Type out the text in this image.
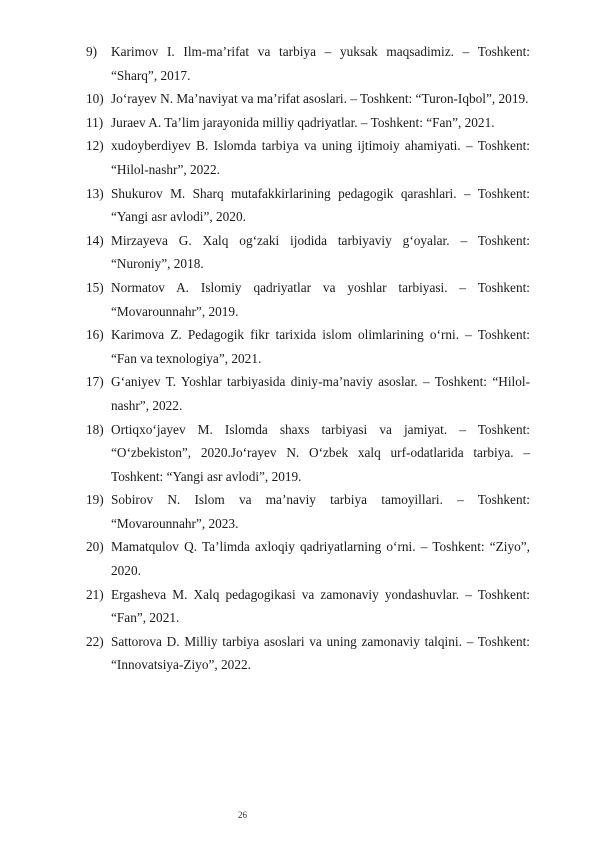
9)	Karimov I. Ilm-ma’rifat va tarbiya – yuksak maqsadimiz. – Toshkent: “Sharq”, 2017.
10) Jo‘rayev N. Ma’naviyat va ma’rifat asoslari. – Toshkent: “Turon-Iqbol”, 2019.
11) Juraev A. Ta’lim jarayonida milliy qadriyatlar. – Toshkent: “Fan”, 2021.
12) xudoyberdiyev B. Islomda tarbiya va uning ijtimoiy ahamiyati. – Toshkent: “Hilol-nashr”, 2022.
13) Shukurov M. Sharq mutafakkirlarining pedagogik qarashlari. – Toshkent: “Yangi asr avlodi”, 2020.
14) Mirzayeva G. Xalq og‘zaki ijodida tarbiyaviy g‘oyalar. – Toshkent: “Nuroniy”, 2018.
15) Normatov A. Islomiy qadriyatlar va yoshlar tarbiyasi. – Toshkent: “Movarounnahr”, 2019.
16) Karimova Z. Pedagogik fikr tarixida islom olimlarining o‘rni. – Toshkent: “Fan va texnologiya”, 2021.
17) G‘aniyev T. Yoshlar tarbiyasida diniy-ma’naviy asoslar. – Toshkent: “Hilol-nashr”, 2022.
18) Ortiqxo‘jayev M. Islomda shaxs tarbiyasi va jamiyat. – Toshkent: “O‘zbekiston”, 2020.Jo‘rayev N. O‘zbek xalq urf-odatlarida tarbiya. – Toshkent: “Yangi asr avlodi”, 2019.
19) Sobirov N. Islom va ma’naviy tarbiya tamoyillari. – Toshkent: “Movarounnahr”, 2023.
20) Mamatqulov Q. Ta’limda axloqiy qadriyatlarning o‘rni. – Toshkent: “Ziyo”, 2020.
21) Ergasheva M. Xalq pedagogikasi va zamonaviy yondashuvlar. – Toshkent: “Fan”, 2021.
22) Sattorova D. Milliy tarbiya asoslari va uning zamonaviy talqini. – Toshkent: “Innovatsiya-Ziyo”, 2022.
26
